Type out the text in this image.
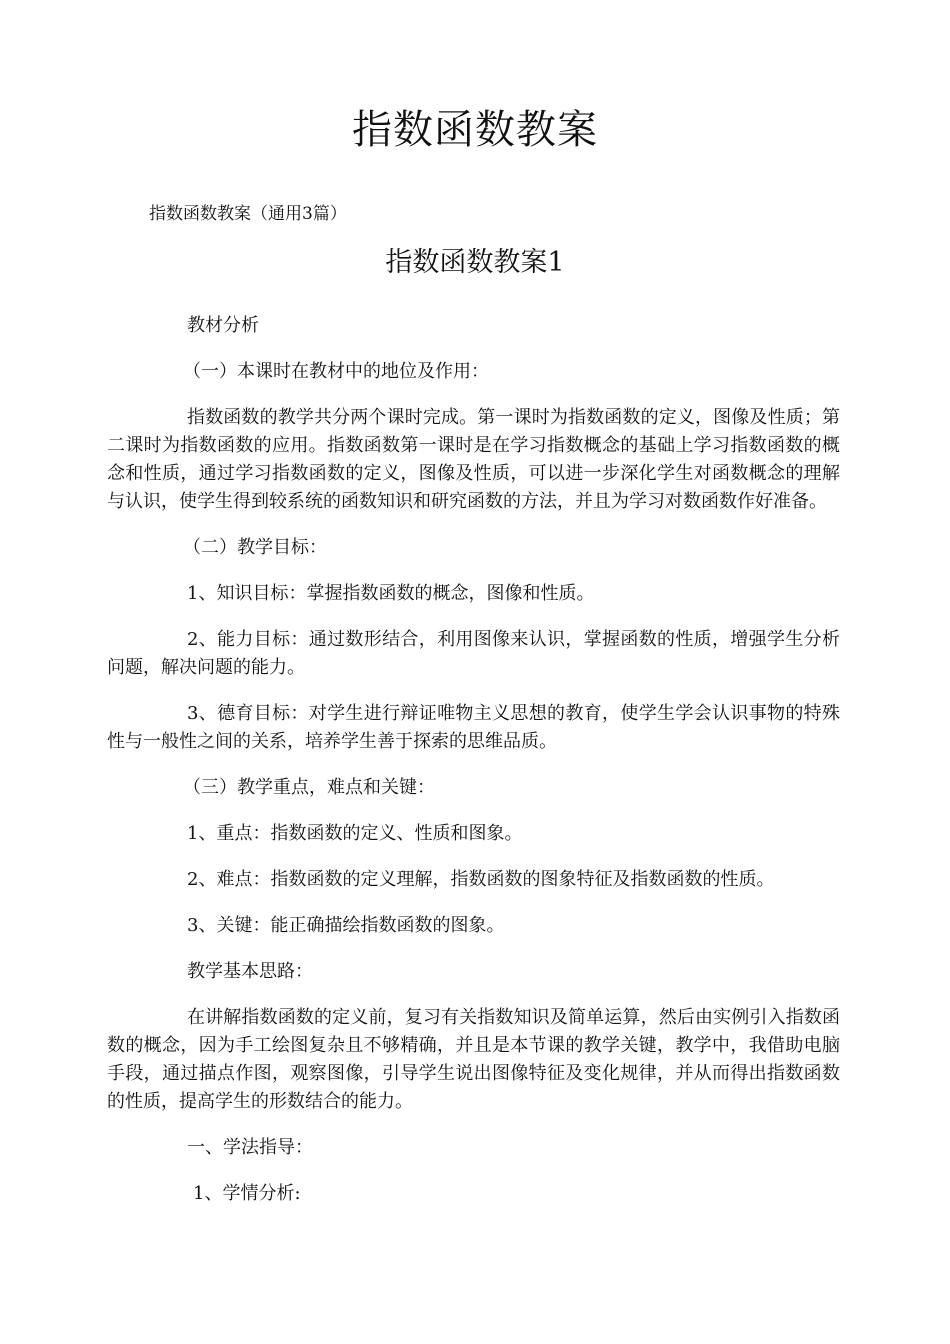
指数函数教案
指数函数教案（通用3篇）
指数函数教案1

教材分析

（一）本课时在教材中的地位及作用：

指数函数的教学共分两个课时完成。第一课时为指数函数的定义，图像及性质；第二课时为指数函数的应用。指数函数第一课时是在学习指数概念的基础上学习指数函数的概念和性质，通过学习指数函数的定义，图像及性质，可以进一步深化学生对函数概念的理解与认识，使学生得到较系统的函数知识和研究函数的方法，并且为学习对数函数作好准备。

（二）教学目标：

1、知识目标：掌握指数函数的概念，图像和性质。

2、能力目标：通过数形结合，利用图像来认识，掌握函数的性质，增强学生分析问题，解决问题的能力。

3、德育目标：对学生进行辩证唯物主义思想的教育，使学生学会认识事物的特殊性与一般性之间的关系，培养学生善于探索的思维品质。

（三）教学重点，难点和关键：

1、重点：指数函数的定义、性质和图象。

2、难点：指数函数的定义理解，指数函数的图象特征及指数函数的性质。

3、关键：能正确描绘指数函数的图象。

教学基本思路：

在讲解指数函数的定义前，复习有关指数知识及简单运算，然后由实例引入指数函数的概念，因为手工绘图复杂且不够精确，并且是本节课的教学关键，教学中，我借助电脑手段，通过描点作图，观察图像，引导学生说出图像特征及变化规律，并从而得出指数函数的性质，提高学生的形数结合的能力。

一、学法指导：

1、学情分析:
